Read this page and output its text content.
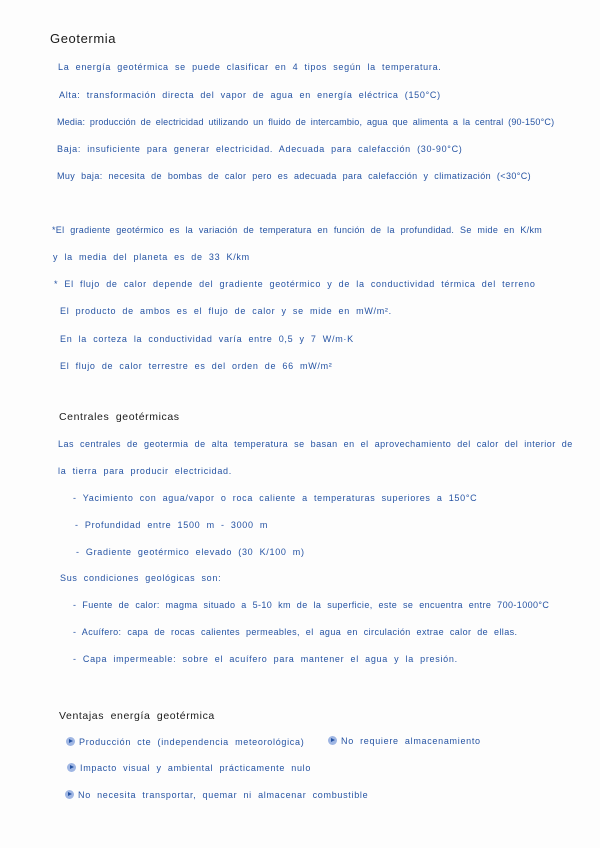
Geotermia
La energía geotérmica se puede clasificar en 4 tipos según la temperatura.
Alta: transformación directa del vapor de agua en energía eléctrica (150°C)
Media: producción de electricidad utilizando un fluido de intercambio, agua que alimenta a la central (90-150°C)
Baja: insuficiente para generar electricidad. Adecuada para calefacción (30-90°C)
Muy baja: necesita de bombas de calor pero es adecuada para calefacción y climatización (<30°C)
*El gradiente geotérmico es la variación de temperatura en función de la profundidad. Se mide en K/km
y la media del planeta es de 33 K/km
* El flujo de calor depende del gradiente geotérmico y de la conductividad térmica del terreno
El producto de ambos es el flujo de calor y se mide en mW/m².
En la corteza la conductividad varía entre 0,5 y 7 W/m·K
El flujo de calor terrestre es del orden de 66 mW/m²
Centrales geotérmicas
Las centrales de geotermia de alta temperatura se basan en el aprovechamiento del calor del interior de
la tierra para producir electricidad.
- Yacimiento con agua/vapor o roca caliente a temperaturas superiores a 150°C
- Profundidad entre 1500 m - 3000 m
- Gradiente geotérmico elevado (30 K/100 m)
Sus condiciones geológicas son:
- Fuente de calor: magma situado a 5-10 km de la superficie, este se encuentra entre 700-1000°C
- Acuífero: capa de rocas calientes permeables, el agua en circulación extrae calor de ellas.
- Capa impermeable: sobre el acuífero para mantener el agua y la presión.
Ventajas energía geotérmica
Producción cte (independencia meteorológica)	No requiere almacenamiento
Impacto visual y ambiental prácticamente nulo
No necesita transportar, quemar ni almacenar combustible
